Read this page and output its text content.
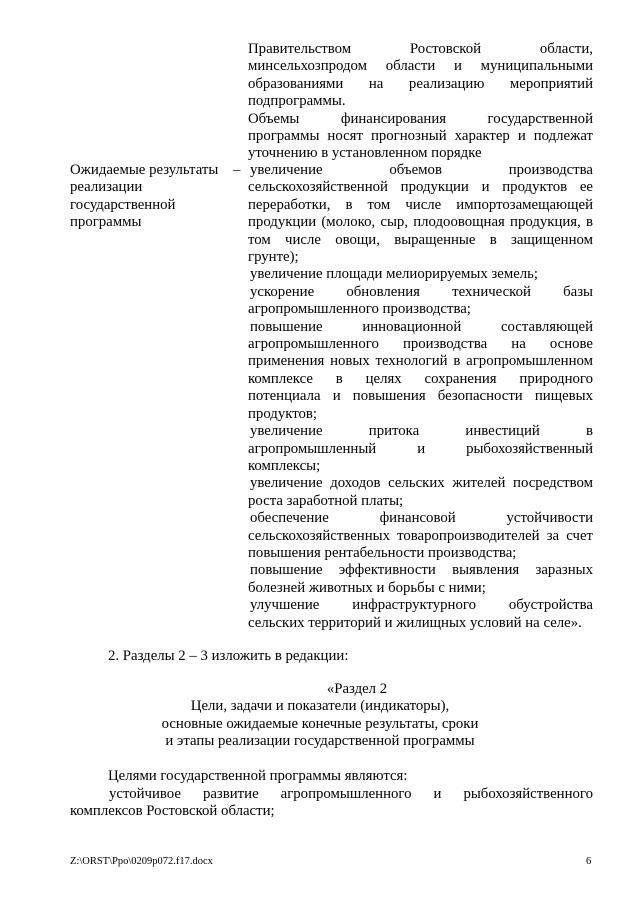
Правительством Ростовской области,
минсельхозпродом области и муниципальными
образованиями на реализацию мероприятий
подпрограммы.
Объемы финансирования государственной
программы носят прогнозный характер и подлежат
уточнению в установленном порядке
Ожидаемые результаты
реализации
государственной
программы
– увеличение объемов производства
сельскохозяйственной продукции и продуктов ее
переработки, в том числе импортозамещающей
продукции (молоко, сыр, плодоовощная продукция, в
том числе овощи, выращенные в защищенном
грунте);
увеличение площади мелиорируемых земель;
ускорение обновления технической базы
агропромышленного производства;
повышение инновационной составляющей
агропромышленного производства на основе
применения новых технологий в агропромышленном
комплексе в целях сохранения природного
потенциала и повышения безопасности пищевых
продуктов;
увеличение притока инвестиций в
агропромышленный и рыбохозяйственный
комплексы;
увеличение доходов сельских жителей посредством
роста заработной платы;
обеспечение финансовой устойчивости
сельскохозяйственных товаропроизводителей за счет
повышения рентабельности производства;
повышение эффективности выявления заразных
болезней животных и борьбы с ними;
улучшение инфраструктурного обустройства
сельских территорий и жилищных условий на селе».
2. Разделы 2 – 3 изложить в редакции:
«Раздел 2
Цели, задачи и показатели (индикаторы),
основные ожидаемые конечные результаты, сроки
и этапы реализации государственной программы
Целями государственной программы являются:
устойчивое развитие агропромышленного и рыбохозяйственного
комплексов Ростовской области;
Z:\ORST\Ppo\0209p072.f17.docx	6
